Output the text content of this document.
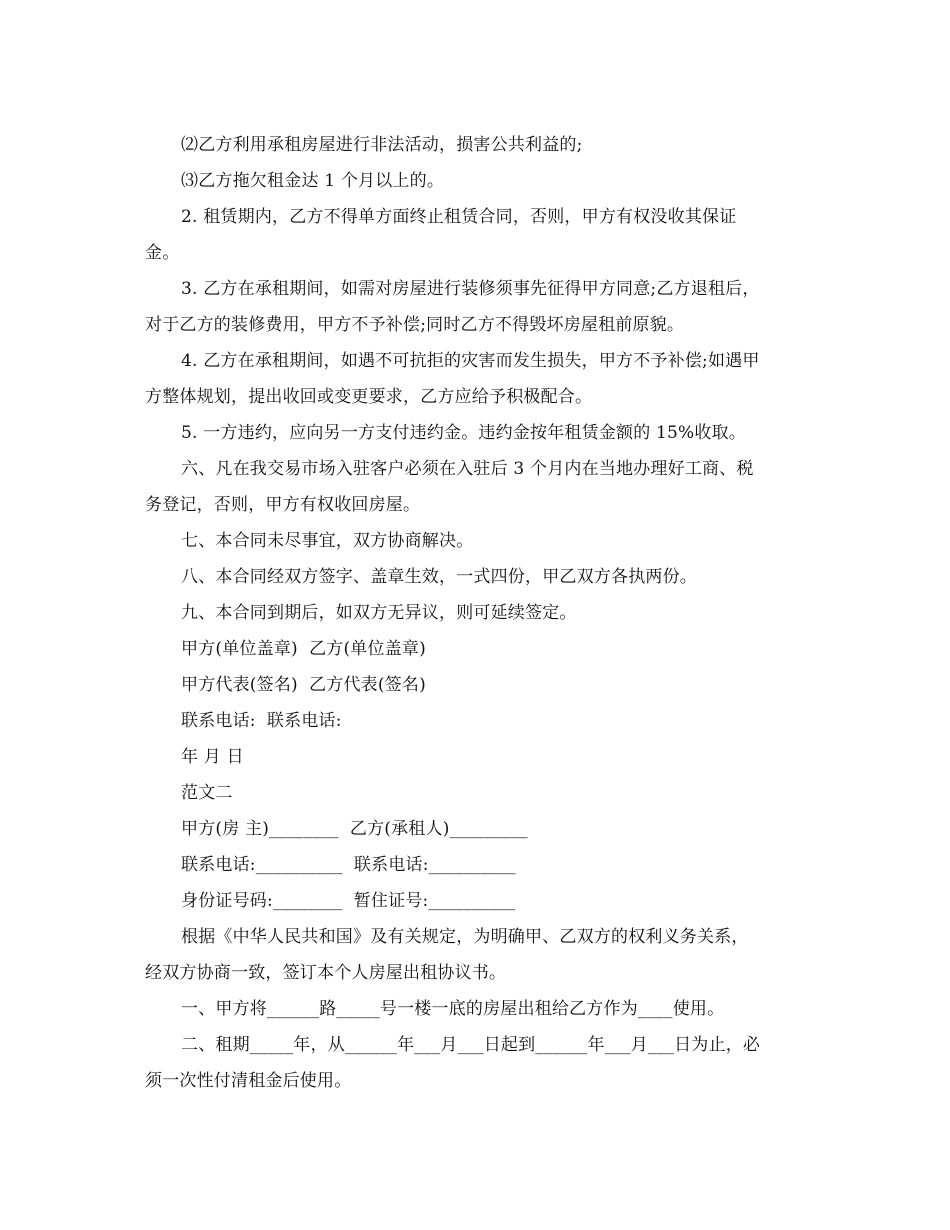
⑵乙方利用承租房屋进行非法活动，损害公共利益的;

⑶乙方拖欠租金达 1 个月以上的。

2. 租赁期内，乙方不得单方面终止租赁合同，否则，甲方有权没收其保证

金。

3. 乙方在承租期间，如需对房屋进行装修须事先征得甲方同意;乙方退租后，

对于乙方的装修费用，甲方不予补偿;同时乙方不得毁坏房屋租前原貌。

4. 乙方在承租期间，如遇不可抗拒的灾害而发生损失，甲方不予补偿;如遇甲

方整体规划，提出收回或变更要求，乙方应给予积极配合。

5. 一方违约，应向另一方支付违约金。违约金按年租赁金额的 15%收取。

六、凡在我交易市场入驻客户必须在入驻后 3 个月内在当地办理好工商、税

务登记，否则，甲方有权收回房屋。

七、本合同未尽事宜，双方协商解决。

八、本合同经双方签字、盖章生效，一式四份，甲乙双方各执两份。

九、本合同到期后，如双方无异议，则可延续签定。

甲方(单位盖章)  乙方(单位盖章)

甲方代表(签名)  乙方代表(签名)

联系电话:  联系电话:

年 月 日

范文二

甲方(房 主)________  乙方(承租人)_________

联系电话:__________  联系电话:__________

身份证号码:________  暂住证号:__________

根据《中华人民共和国》及有关规定，为明确甲、乙双方的权利义务关系，

经双方协商一致，签订本个人房屋出租协议书。

一、甲方将______路_____号一楼一底的房屋出租给乙方作为____使用。

二、租期_____年，从______年___月___日起到______年___月___日为止，必

须一次性付清租金后使用。
